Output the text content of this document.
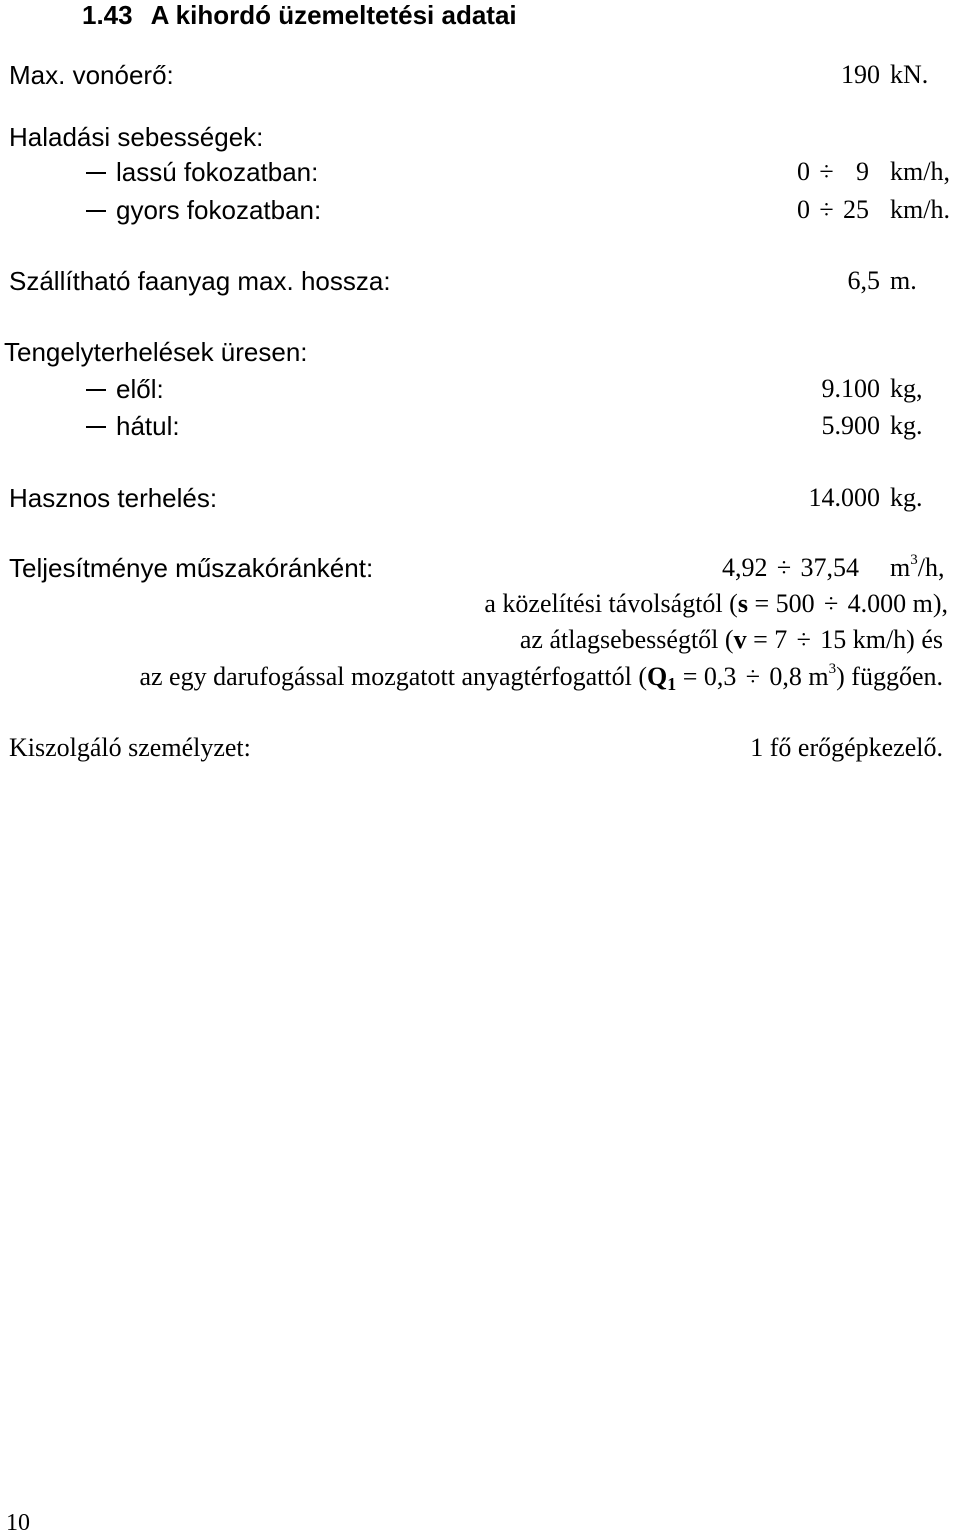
1.43 A kihordó üzemeltetési adatai
Max. vonóerő:	190 kN.
Haladási sebességek:
lassú fokozatban:	0 ÷ 9 km/h,
gyors fokozatban:	0 ÷ 25 km/h.
Szállítható faanyag max. hossza:	6,5 m.
Tengelyterhelések üresen:
elől:	9.100 kg,
hátul:	5.900 kg.
Hasznos terhelés:	14.000 kg.
Teljesítménye műszakóránként:	4,92 ÷ 37,54 $m^3/h$,
a közelítési távolságtól (s = 500 ÷ 4.000 m),
az átlagsebességtől (v = 7 ÷ 15 km/h) és
az egy darufogással mozgatott anyagtérfogattól ($Q_1 = 0,3 \div 0,8$ $m^3$) függően.
Kiszolgáló személyzet:	1 fő erőgépkezelő.
10
